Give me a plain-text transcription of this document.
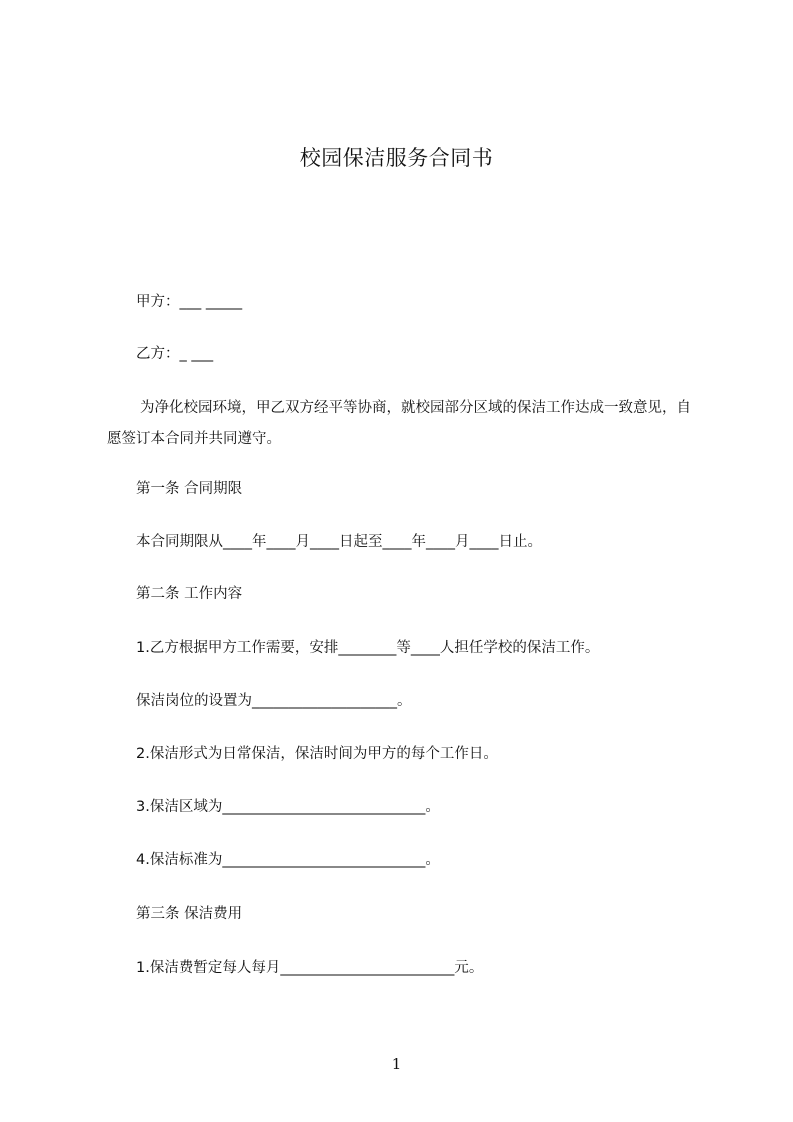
校园保洁服务合同书
甲方：___ _____
乙方：_ ___
为净化校园环境，甲乙双方经平等协商，就校园部分区域的保洁工作达成一致意见，自愿签订本合同并共同遵守。
第一条 合同期限
本合同期限从____年____月____日起至____年____月____日止。
第二条 工作内容
1.乙方根据甲方工作需要，安排________等____人担任学校的保洁工作。
保洁岗位的设置为____________________。
2.保洁形式为日常保洁，保洁时间为甲方的每个工作日。
3.保洁区域为____________________________。
4.保洁标准为____________________________。
第三条 保洁费用
1.保洁费暂定每人每月________________________元。
1
